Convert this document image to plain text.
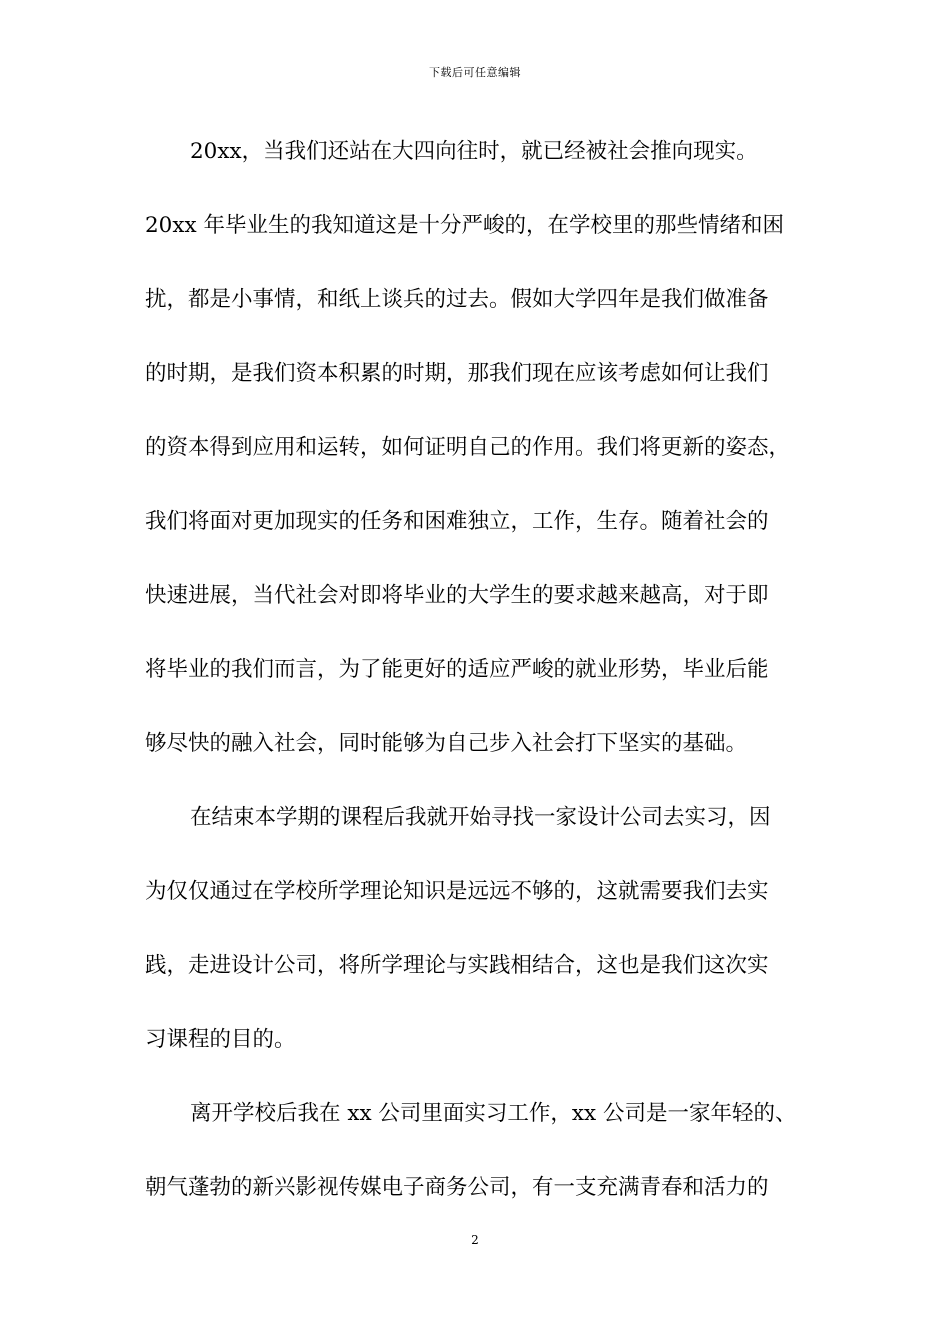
下载后可任意编辑
20xx，当我们还站在大四向往时，就已经被社会推向现实。
20xx 年毕业生的我知道这是十分严峻的，在学校里的那些情绪和困
扰，都是小事情，和纸上谈兵的过去。假如大学四年是我们做准备
的时期，是我们资本积累的时期，那我们现在应该考虑如何让我们
的资本得到应用和运转，如何证明自己的作用。我们将更新的姿态，
我们将面对更加现实的任务和困难独立，工作，生存。随着社会的
快速进展，当代社会对即将毕业的大学生的要求越来越高，对于即
将毕业的我们而言，为了能更好的适应严峻的就业形势，毕业后能
够尽快的融入社会，同时能够为自己步入社会打下坚实的基础。
在结束本学期的课程后我就开始寻找一家设计公司去实习，因
为仅仅通过在学校所学理论知识是远远不够的，这就需要我们去实
践，走进设计公司，将所学理论与实践相结合，这也是我们这次实
习课程的目的。
离开学校后我在 xx 公司里面实习工作，xx 公司是一家年轻的、
朝气蓬勃的新兴影视传媒电子商务公司，有一支充满青春和活力的
2
